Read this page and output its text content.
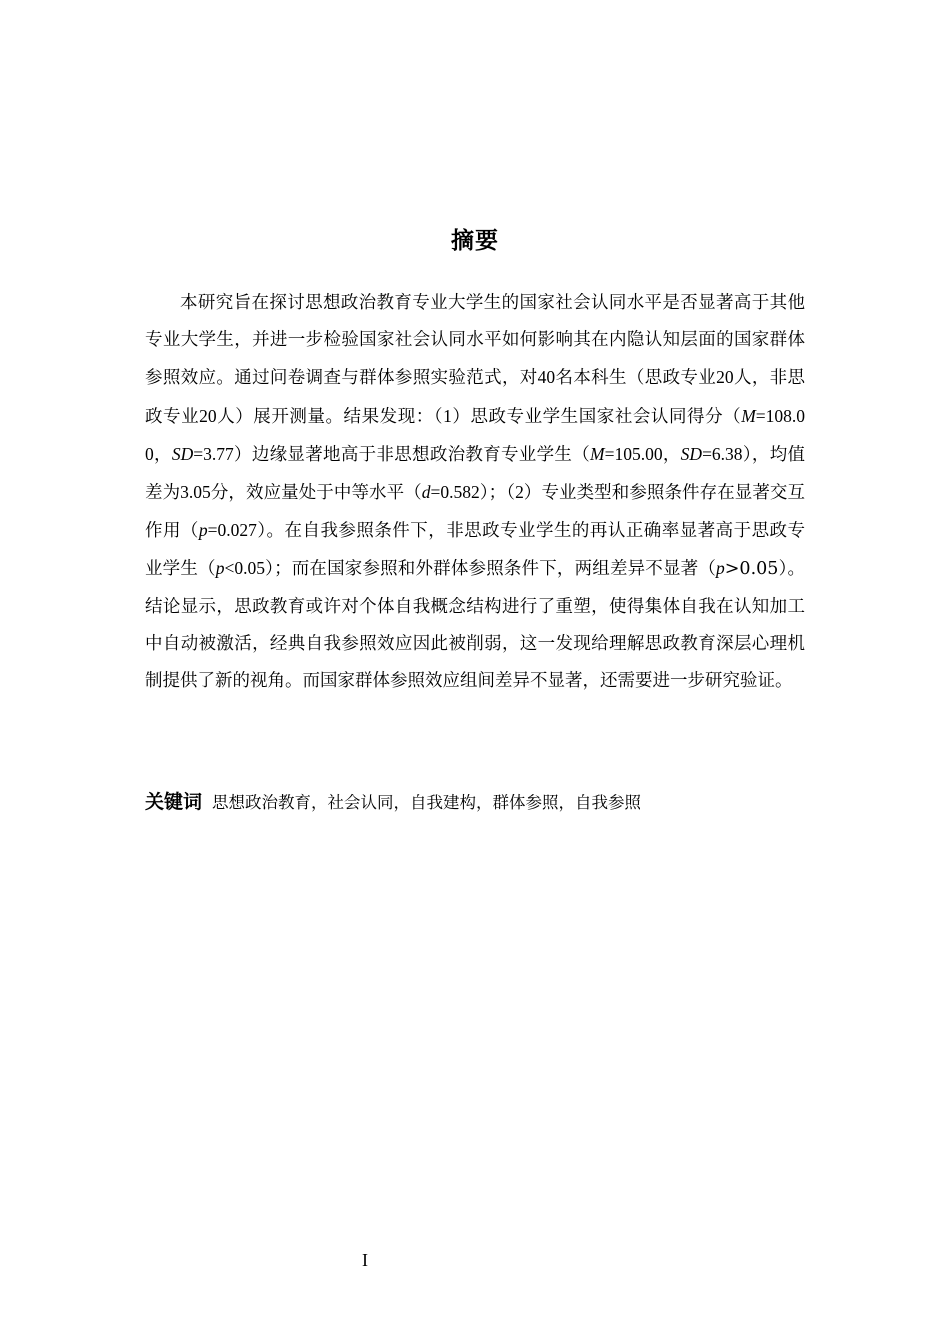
摘要

本研究旨在探讨思想政治教育专业大学生的国家社会认同水平是否显著高于其他专业大学生，并进一步检验国家社会认同水平如何影响其在内隐认知层面的国家群体参照效应。通过问卷调查与群体参照实验范式，对40名本科生（思政专业20人，非思政专业20人）展开测量。结果发现：（1）思政专业学生国家社会认同得分（M=108.00，SD=3.77）边缘显著地高于非思想政治教育专业学生（M=105.00，SD=6.38），均值差为3.05分，效应量处于中等水平（d=0.582）；（2）专业类型和参照条件存在显著交互作用（p=0.027）。在自我参照条件下，非思政专业学生的再认正确率显著高于思政专业学生（p<0.05）；而在国家参照和外群体参照条件下，两组差异不显著（p>0.05）。结论显示，思政教育或许对个体自我概念结构进行了重塑，使得集体自我在认知加工中自动被激活，经典自我参照效应因此被削弱，这一发现给理解思政教育深层心理机制提供了新的视角。而国家群体参照效应组间差异不显著，还需要进一步研究验证。

关键词 思想政治教育，社会认同，自我建构，群体参照，自我参照
I
